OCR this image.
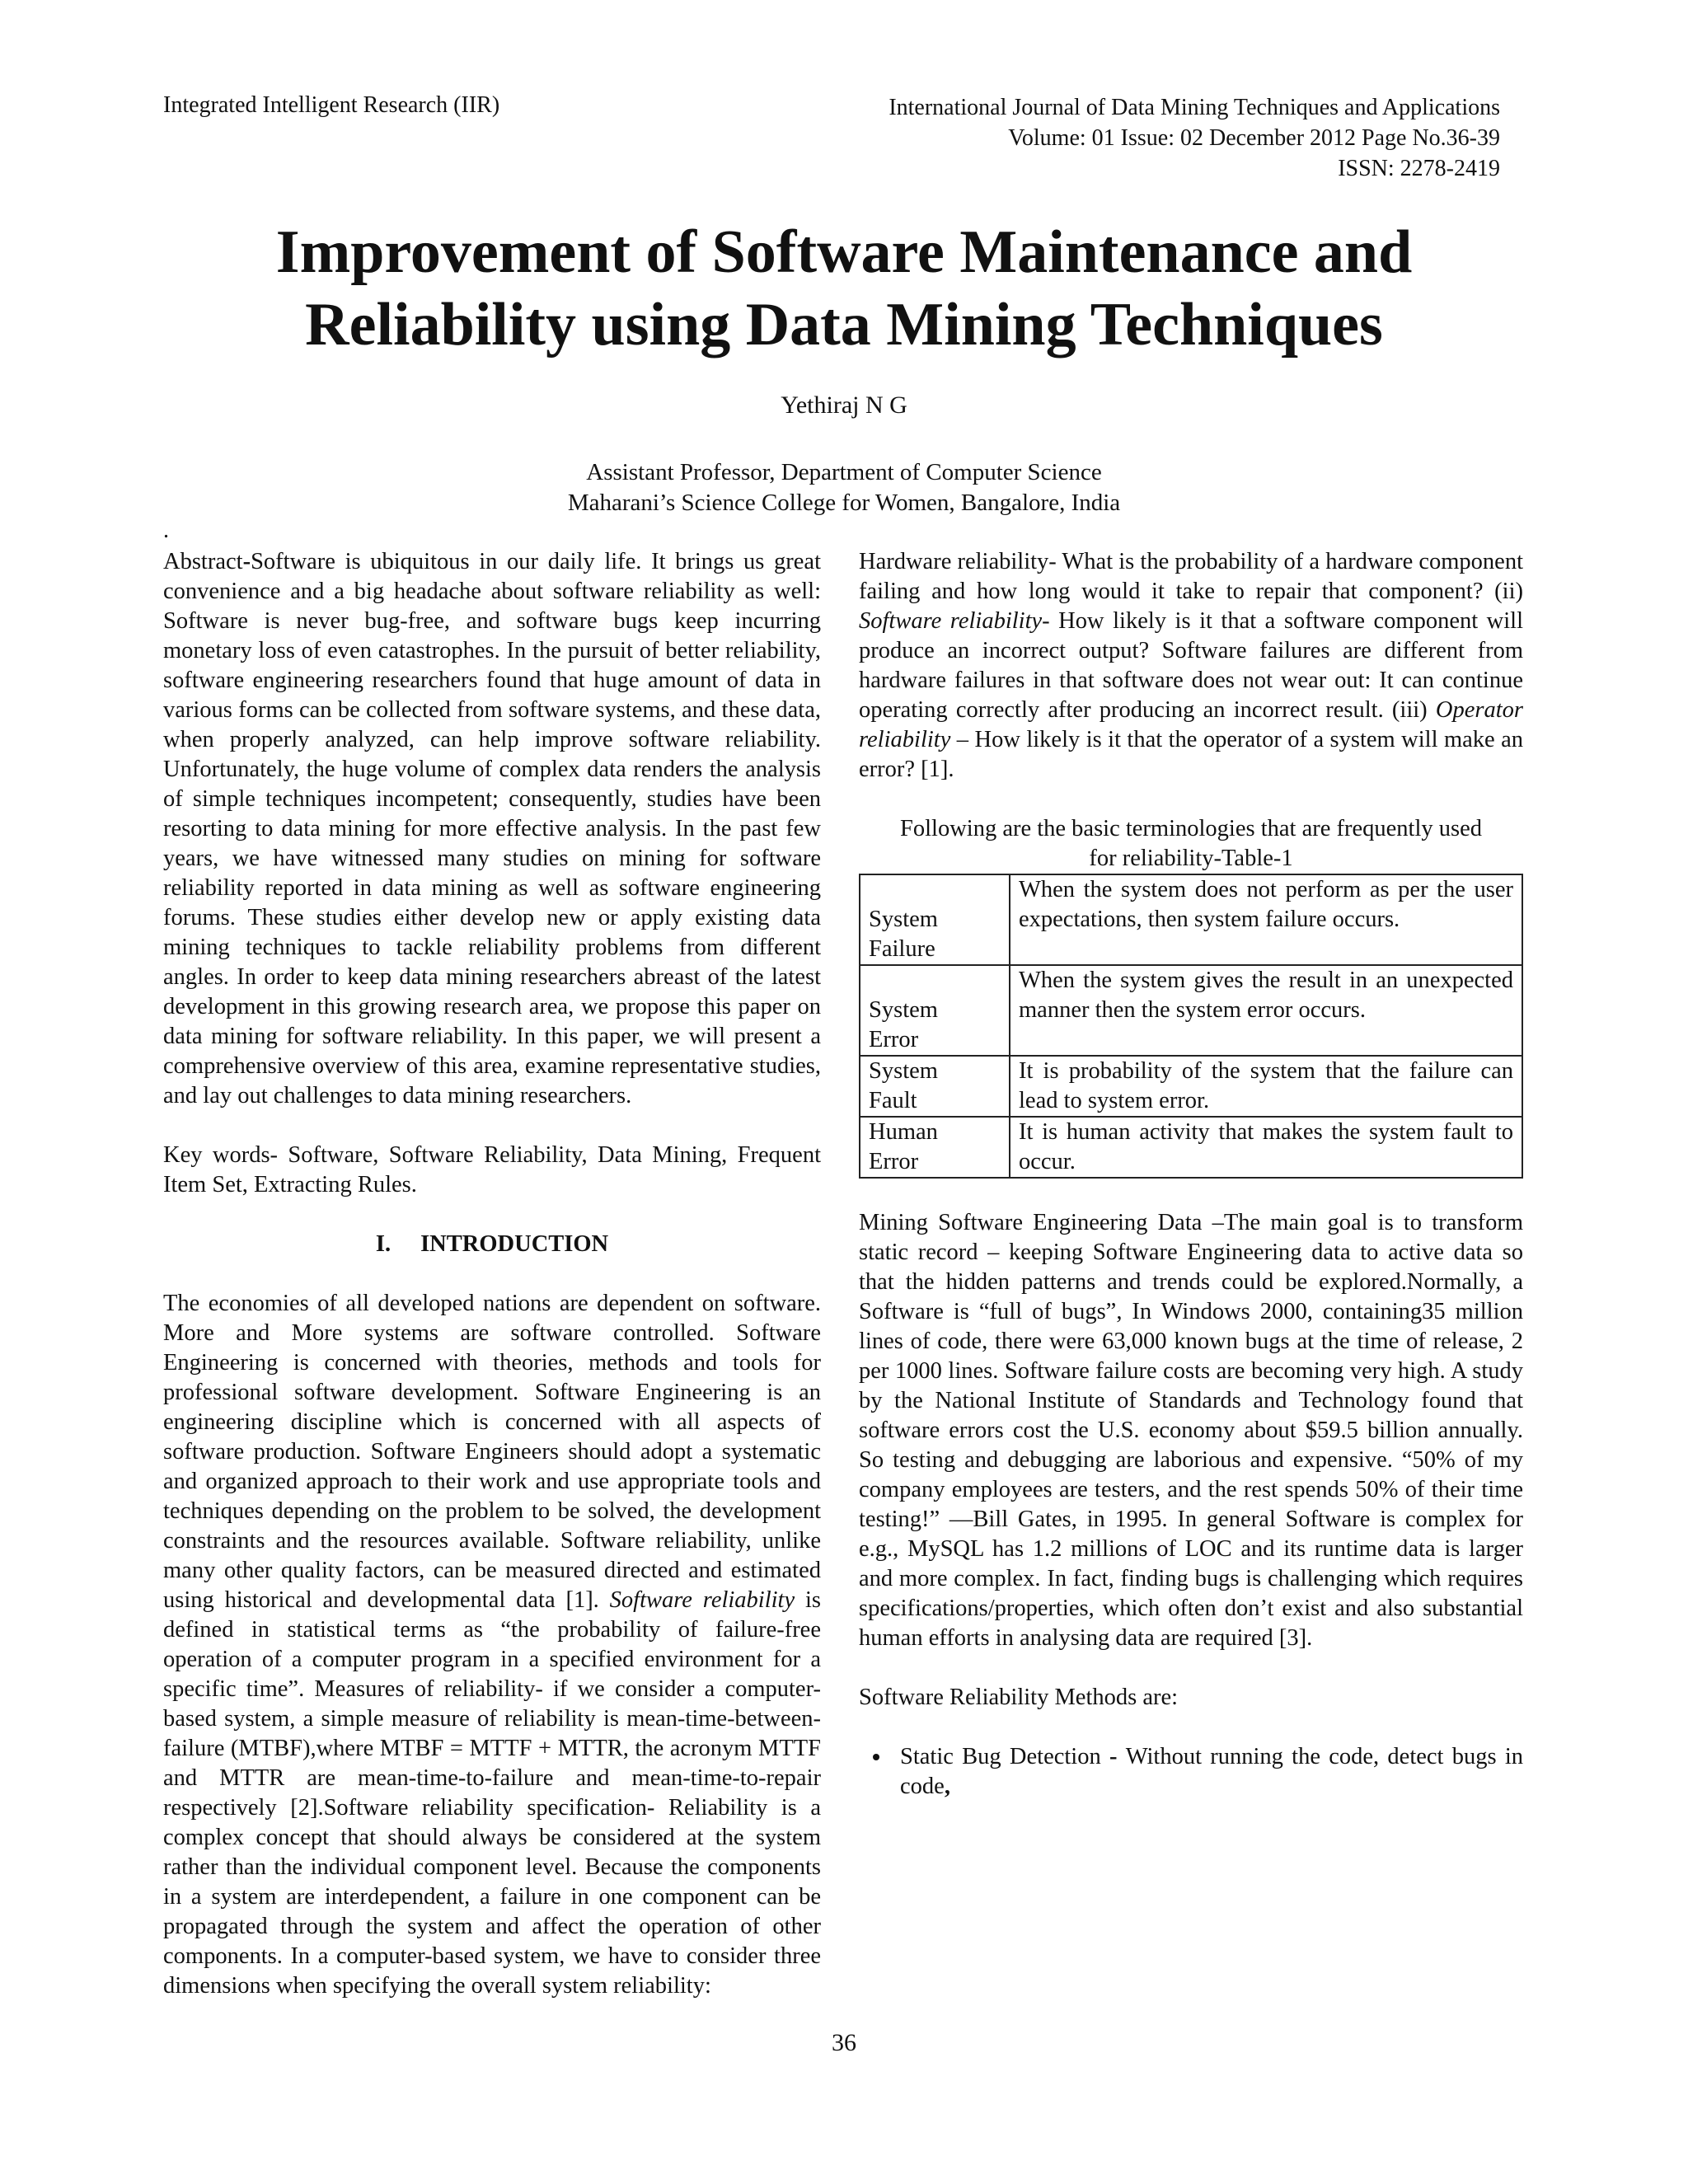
Integrated Intelligent Research (IIR)	International Journal of Data Mining Techniques and Applications
Volume: 01 Issue: 02 December 2012 Page No.36-39
ISSN: 2278-2419
Improvement of Software Maintenance and
Reliability using Data Mining Techniques
Yethiraj N G
Assistant Professor, Department of Computer Science
Maharani’s Science College for Women, Bangalore, India
.

Abstract-Software is ubiquitous in our daily life. It brings us great convenience and a big headache about software reliability as well: Software is never bug-free, and software bugs keep incurring monetary loss of even catastrophes. In the pursuit of better reliability, software engineering researchers found that huge amount of data in various forms can be collected from software systems, and these data, when properly analyzed, can help improve software reliability. Unfortunately, the huge volume of complex data renders the analysis of simple techniques incompetent; consequently, studies have been resorting to data mining for more effective analysis. In the past few years, we have witnessed many studies on mining for software reliability reported in data mining as well as software engineering forums. These studies either develop new or apply existing data mining techniques to tackle reliability problems from different angles. In order to keep data mining researchers abreast of the latest development in this growing research area, we propose this paper on data mining for software reliability. In this paper, we will present a comprehensive overview of this area, examine representative studies, and lay out challenges to data mining researchers.

Key words- Software, Software Reliability, Data Mining, Frequent Item Set, Extracting Rules.

I. INTRODUCTION

The economies of all developed nations are dependent on software. More and More systems are software controlled. Software Engineering is concerned with theories, methods and tools for professional software development. Software Engineering is an engineering discipline which is concerned with all aspects of software production. Software Engineers should adopt a systematic and organized approach to their work and use appropriate tools and techniques depending on the problem to be solved, the development constraints and the resources available. Software reliability, unlike many other quality factors, can be measured directed and estimated using historical and developmental data [1]. Software reliability is defined in statistical terms as “the probability of failure-free operation of a computer program in a specified environment for a specific time”. Measures of reliability- if we consider a computer-based system, a simple measure of reliability is mean-time-between-failure (MTBF),where MTBF = MTTF + MTTR, the acronym MTTF and MTTR are mean-time-to-failure and mean-time-to-repair respectively [2].Software reliability specification- Reliability is a complex concept that should always be considered at the system rather than the individual component level. Because the components in a system are interdependent, a failure in one component can be propagated through the system and affect the operation of other components. In a computer-based system, we have to consider three dimensions when specifying the overall system reliability:

Hardware reliability- What is the probability of a hardware component failing and how long would it take to repair that component? (ii) Software reliability- How likely is it that a software component will produce an incorrect output? Software failures are different from hardware failures in that software does not wear out: It can continue operating correctly after producing an incorrect result. (iii) Operator reliability – How likely is it that the operator of a system will make an error? [1].

Following are the basic terminologies that are frequently used
for reliability-Table-1
System
Failure	When the system does not perform as per the user expectations, then system failure occurs.

System
Error	When the system gives the result in an unexpected manner then the system error occurs.

System
Fault	It is probability of the system that the failure can lead to system error.

Human
Error	It is human activity that makes the system fault to occur.

Mining Software Engineering Data –The main goal is to transform static record – keeping Software Engineering data to active data so that the hidden patterns and trends could be explored.Normally, a Software is “full of bugs”, In Windows 2000, containing35 million lines of code, there were 63,000 known bugs at the time of release, 2 per 1000 lines. Software failure costs are becoming very high. A study by the National Institute of Standards and Technology found that software errors cost the U.S. economy about $59.5 billion annually. So testing and debugging are laborious and expensive. “50% of my company employees are testers, and the rest spends 50% of their time testing!” —Bill Gates, in 1995. In general Software is complex for e.g., MySQL has 1.2 millions of LOC and its runtime data is larger and more complex. In fact, finding bugs is challenging which requires specifications/properties, which often don’t exist and also substantial human efforts in analysing data are required [3].

Software Reliability Methods are:

• Static Bug Detection - Without running the code, detect bugs in code,
36
